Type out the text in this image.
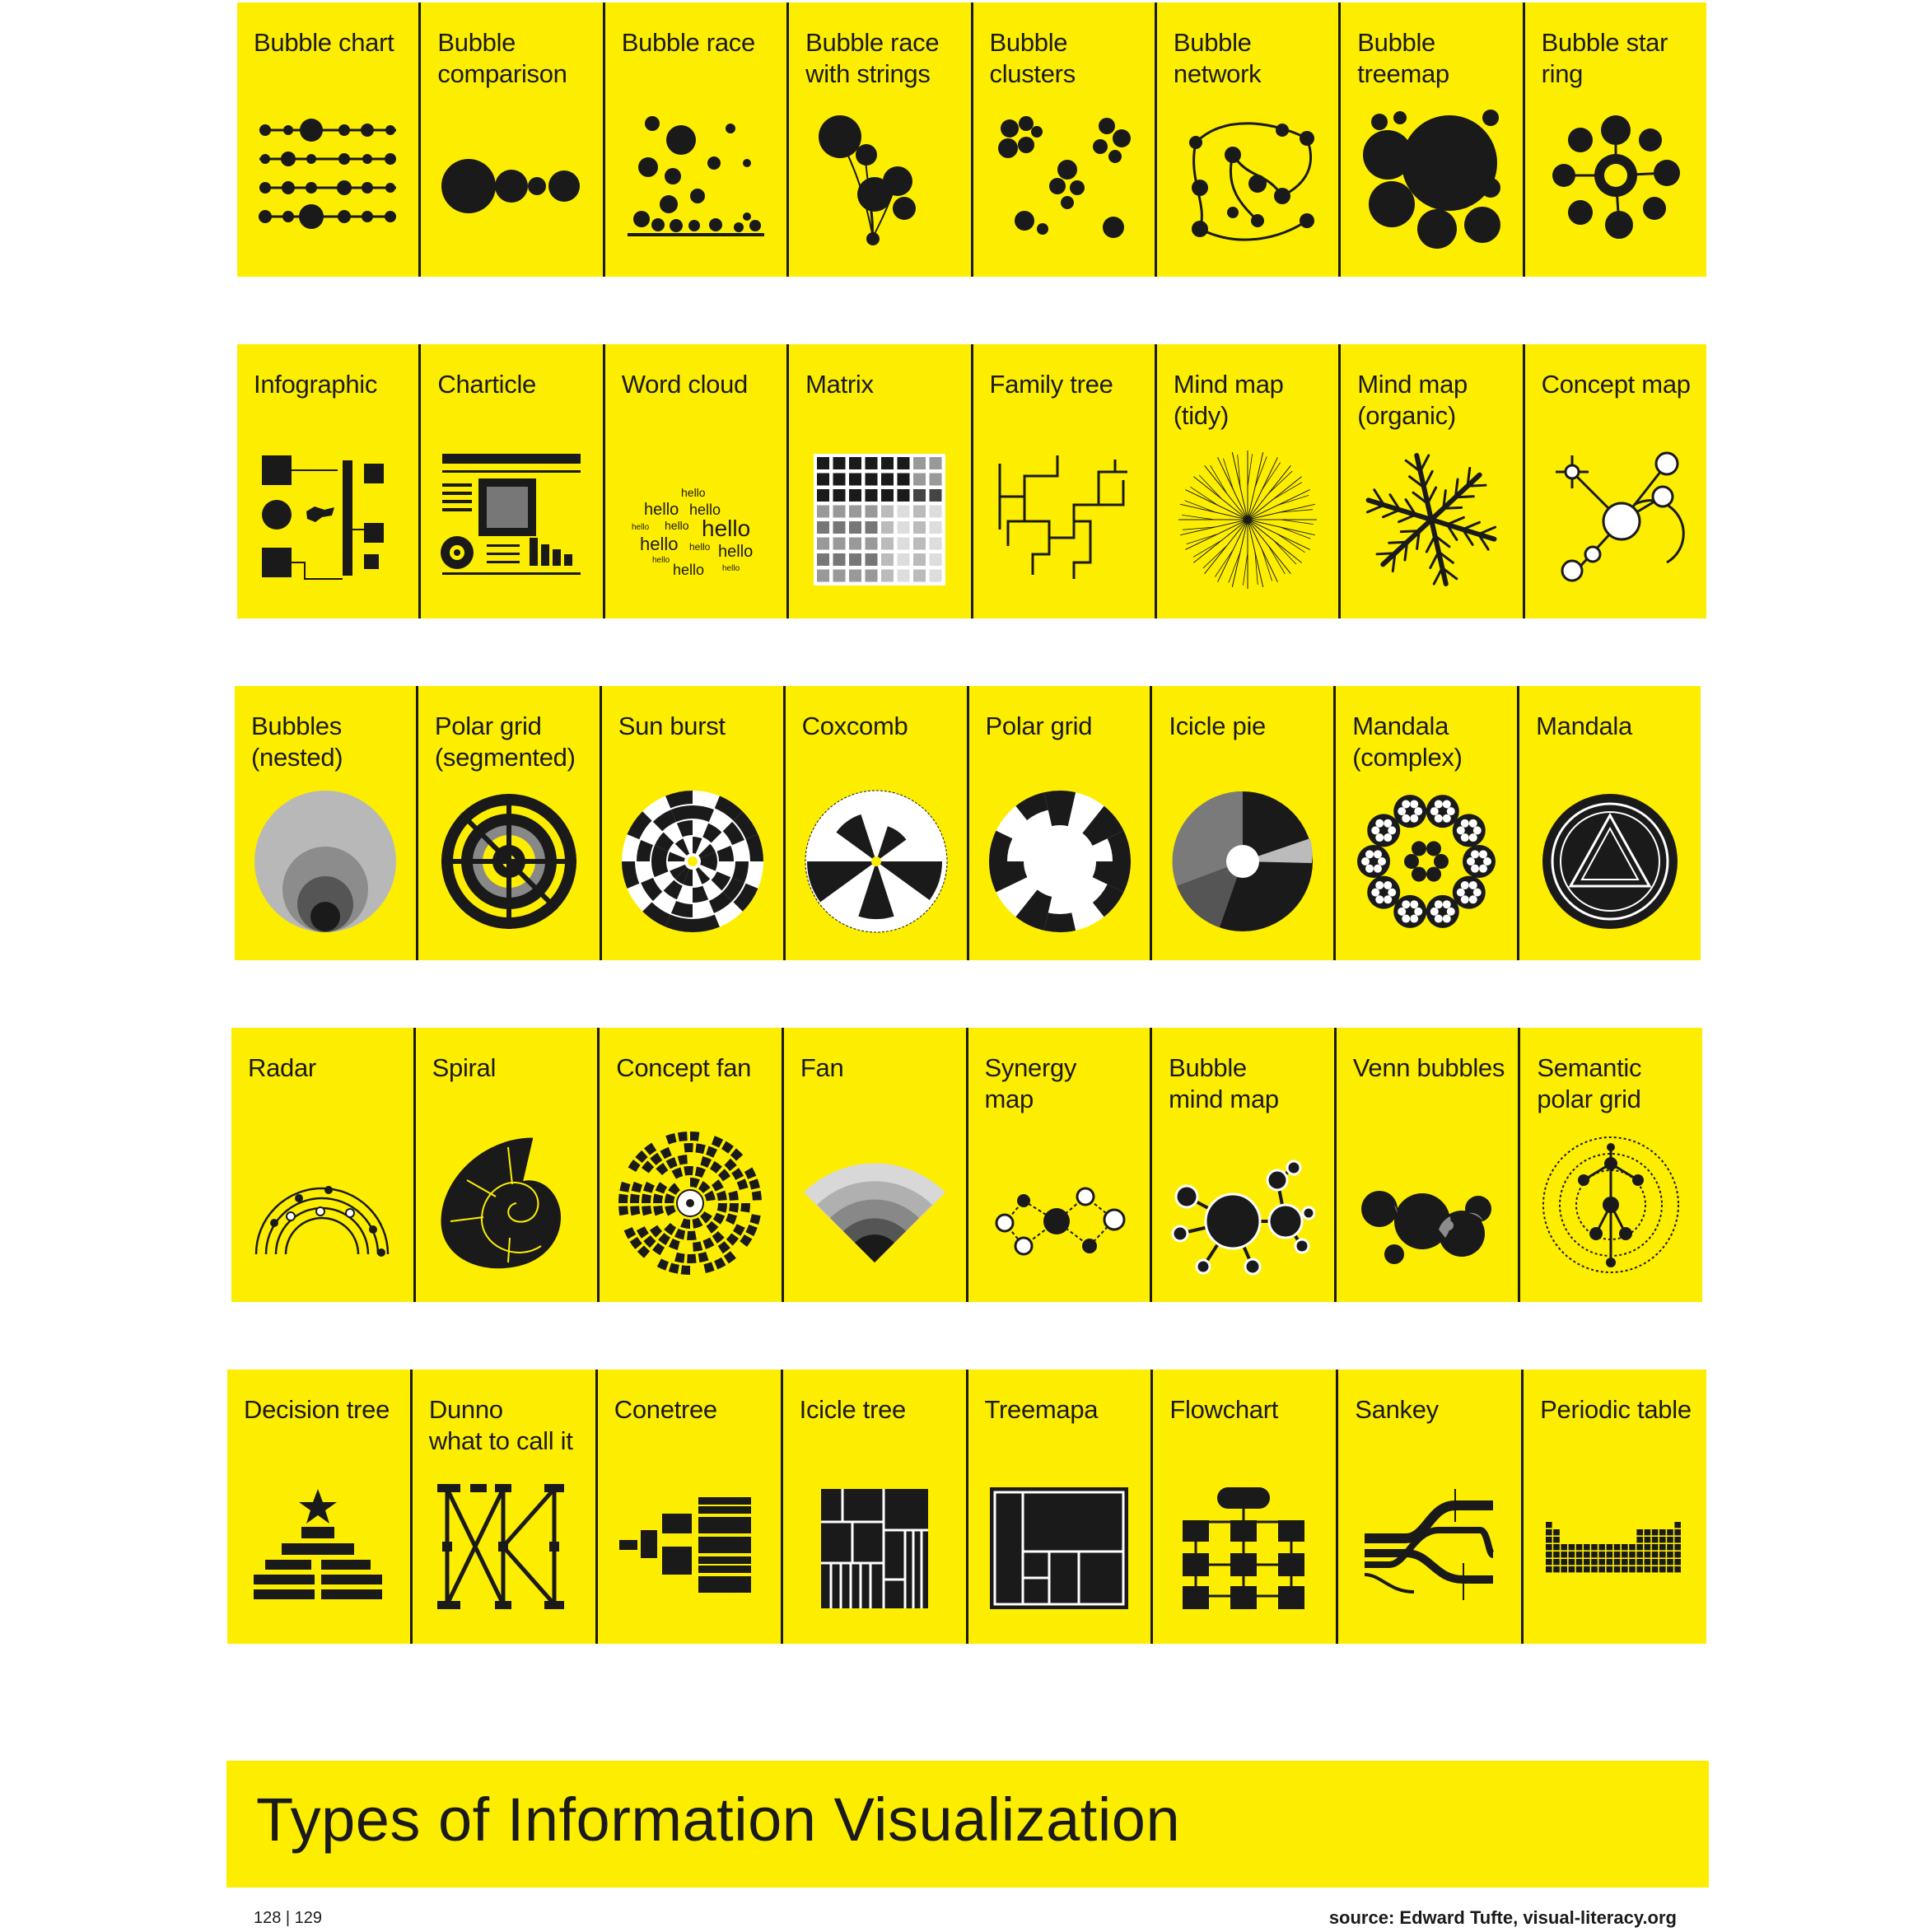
Bubble chart	Bubble
comparison
Bubble race	Bubble race
with strings
Bubble
clusters
Bubble
network
Bubble
treemap
Bubble star
ring
Infographic	Charticle	Word cloud
hello
hello hello
hello hello hello
hello hello hello
hello
hello hello
Matrix	Family tree	Mind map
(tidy)
Mind map
(organic)
Concept map
Bubbles
(nested)
Polar grid
(segmented)
Sun burst	Coxcomb	Polar grid	Icicle pie	Mandala
(complex)
Mandala
Radar	Spiral	Concept fan	Fan	Synergy
map
Bubble
mind map
Venn bubbles Semantic
polar grid
Decision tree	Dunno
what to call it
Conetree	Icicle tree	Treemapa	Flowchart	Sankey	Periodic table
Types of Information Visualization
128 | 129	source: Edward Tufte, visual-literacy.org
